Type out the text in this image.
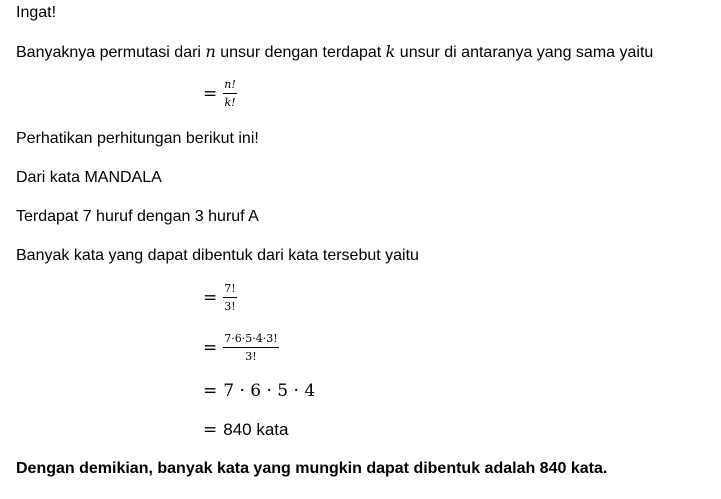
Ingat!
Banyaknya permutasi dari n unsur dengan terdapat k unsur di antaranya yang sama yaitu
= $\frac{n!}{k!}$
Perhatikan perhitungan berikut ini!
Dari kata MANDALA
Terdapat 7 huruf dengan 3 huruf A
Banyak kata yang dapat dibentuk dari kata tersebut yaitu
= $\frac{7!}{3!}$
= $\frac{7\cdot 6\cdot 5\cdot 4\cdot 3!}{3!}$
= 7 · 6 · 5 · 4
= 840 kata
Dengan demikian, banyak kata yang mungkin dapat dibentuk adalah 840 kata.
